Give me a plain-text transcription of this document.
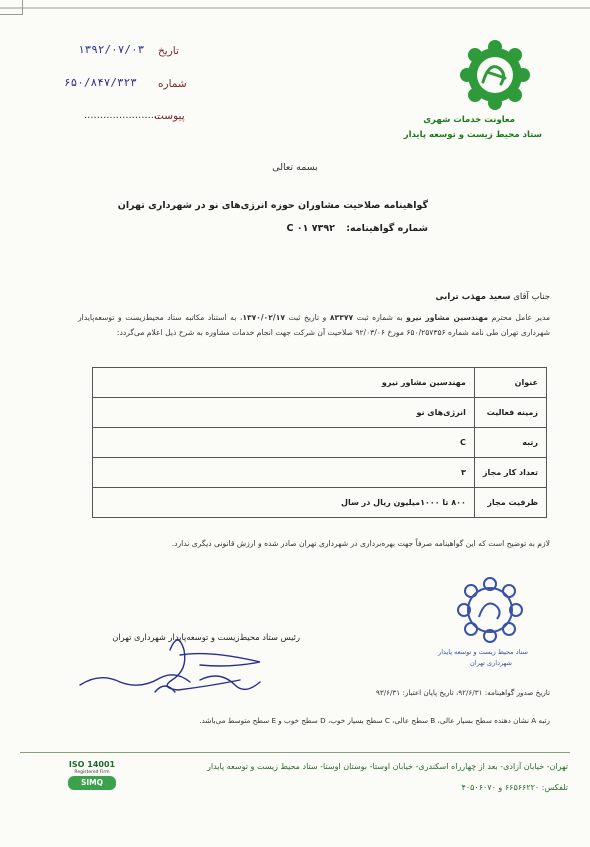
معاونت خدمات شهری
ستاد محیط زیست و توسعه پایدار
تاریخ
۱۳۹۲/۰۷/۰۳
شماره
۶۵۰/۸۴۷/۳۲۳
پیوست
........................
بسمه تعالی
گواهینامه صلاحیت مشاوران حوزه انرژی‌های نو در شهرداری تهران
شماره گواهینامه: ۷۳۹۲ C ۰۱
جناب آقای سعید مهذب ترابی
مدیر عامل محترم مهندسین مشاور نیرو به شماره ثبت ۸۳۳۷۷ و تاریخ ثبت ۱۳۷۰/۰۲/۱۷، به استناد مکاتبه ستاد محیط‌زیست و توسعه‌پایدار شهرداری تهران طی نامه شماره ۶۵۰/۲۵۷۳۵۶ مورخ ۹۲/۰۳/۰۶ صلاحیت آن شرکت جهت انجام خدمات مشاوره به شرح ذیل اعلام می‌گردد:
عنوان	مهندسین مشاور نیرو
زمینه فعالیت	انرژی‌های نو
رتبه	C
تعداد کار مجاز	۳
ظرفیت مجاز	۸۰۰ تا ۱۰۰۰میلیون ریال در سال
لازم به توضیح است که این گواهینامه صرفاً جهت بهره‌برداری در شهرداری تهران صادر شده و ارزش قانونی دیگری ندارد.
ستاد محیط زیست و توسعه پایدار
شهرداری تهران
رئیس ستاد محیط‌زیست و توسعه‌پایدار شهرداری تهران
تاریخ صدور گواهینامه: ۹۲/۶/۳۱، تاریخ پایان اعتبار: ۹۳/۶/۳۱
رتبه A نشان دهنده سطح بسیار عالی، B سطح عالی، C سطح بسیار خوب، D سطح خوب و E سطح متوسط می‌باشد.
تهران- خیابان آزادی- بعد از چهارراه اسکندری- خیابان اوستا- بوستان اوستا- ستاد محیط زیست و توسعه پایدار
تلفکس: ۶۶۵۶۶۲۲۰ و ۴۰۵۰۶۰۷۰
ISO 14001
Registered Firm
SIMQ
